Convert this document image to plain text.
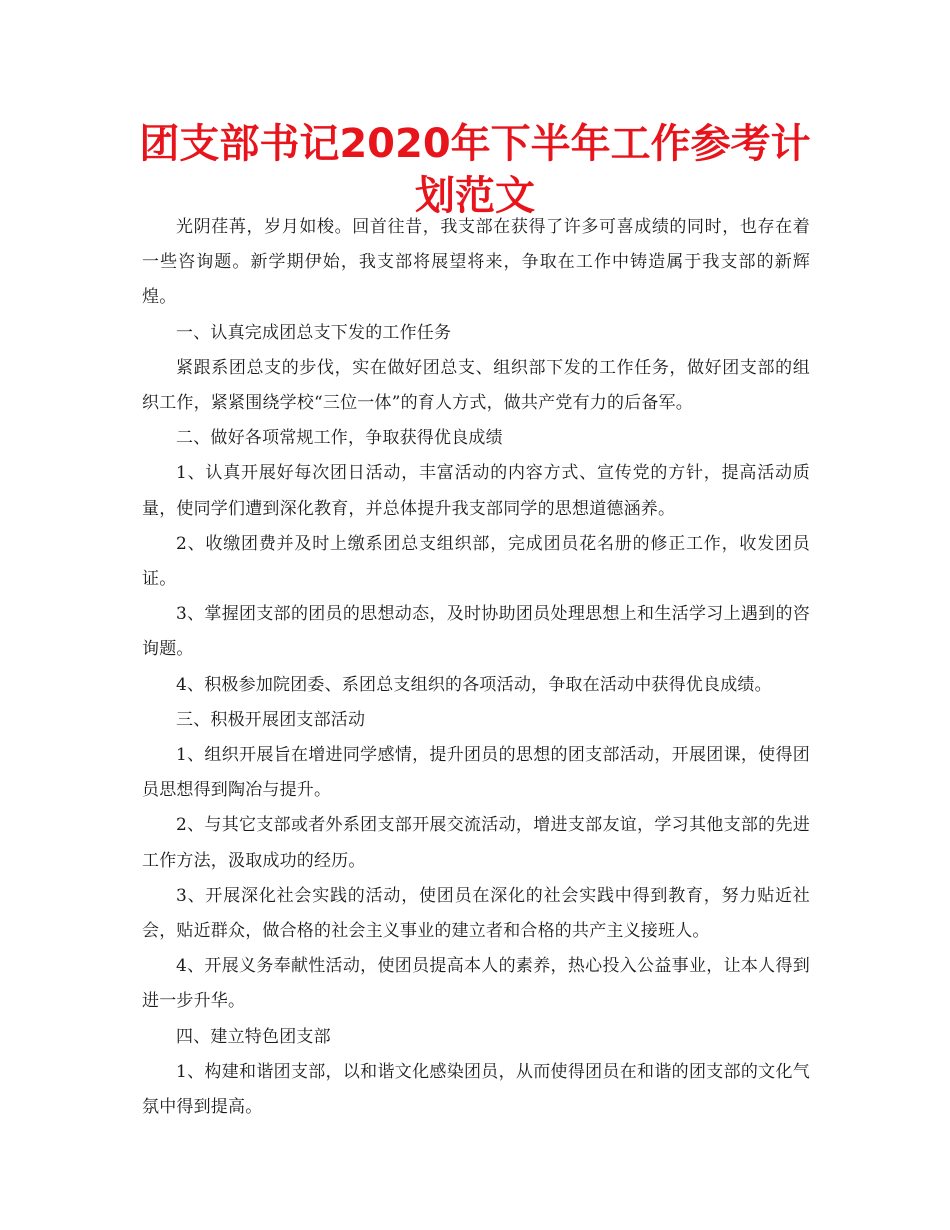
团支部书记2020年下半年工作参考计划范文

光阴荏苒，岁月如梭。回首往昔，我支部在获得了许多可喜成绩的同时，也存在着一些咨询题。新学期伊始，我支部将展望将来，争取在工作中铸造属于我支部的新辉煌。

一、认真完成团总支下发的工作任务

紧跟系团总支的步伐，实在做好团总支、组织部下发的工作任务，做好团支部的组织工作，紧紧围绕学校“三位一体”的育人方式，做共产党有力的后备军。

二、做好各项常规工作，争取获得优良成绩

1、认真开展好每次团日活动，丰富活动的内容方式、宣传党的方针，提高活动质量，使同学们遭到深化教育，并总体提升我支部同学的思想道德涵养。

2、收缴团费并及时上缴系团总支组织部，完成团员花名册的修正工作，收发团员证。

3、掌握团支部的团员的思想动态，及时协助团员处理思想上和生活学习上遇到的咨询题。

4、积极参加院团委、系团总支组织的各项活动，争取在活动中获得优良成绩。

三、积极开展团支部活动

1、组织开展旨在增进同学感情，提升团员的思想的团支部活动，开展团课，使得团员思想得到陶冶与提升。

2、与其它支部或者外系团支部开展交流活动，增进支部友谊，学习其他支部的先进工作方法，汲取成功的经历。

3、开展深化社会实践的活动，使团员在深化的社会实践中得到教育，努力贴近社会，贴近群众，做合格的社会主义事业的建立者和合格的共产主义接班人。

4、开展义务奉献性活动，使团员提高本人的素养，热心投入公益事业，让本人得到进一步升华。

四、建立特色团支部

1、构建和谐团支部，以和谐文化感染团员，从而使得团员在和谐的团支部的文化气氛中得到提高。
